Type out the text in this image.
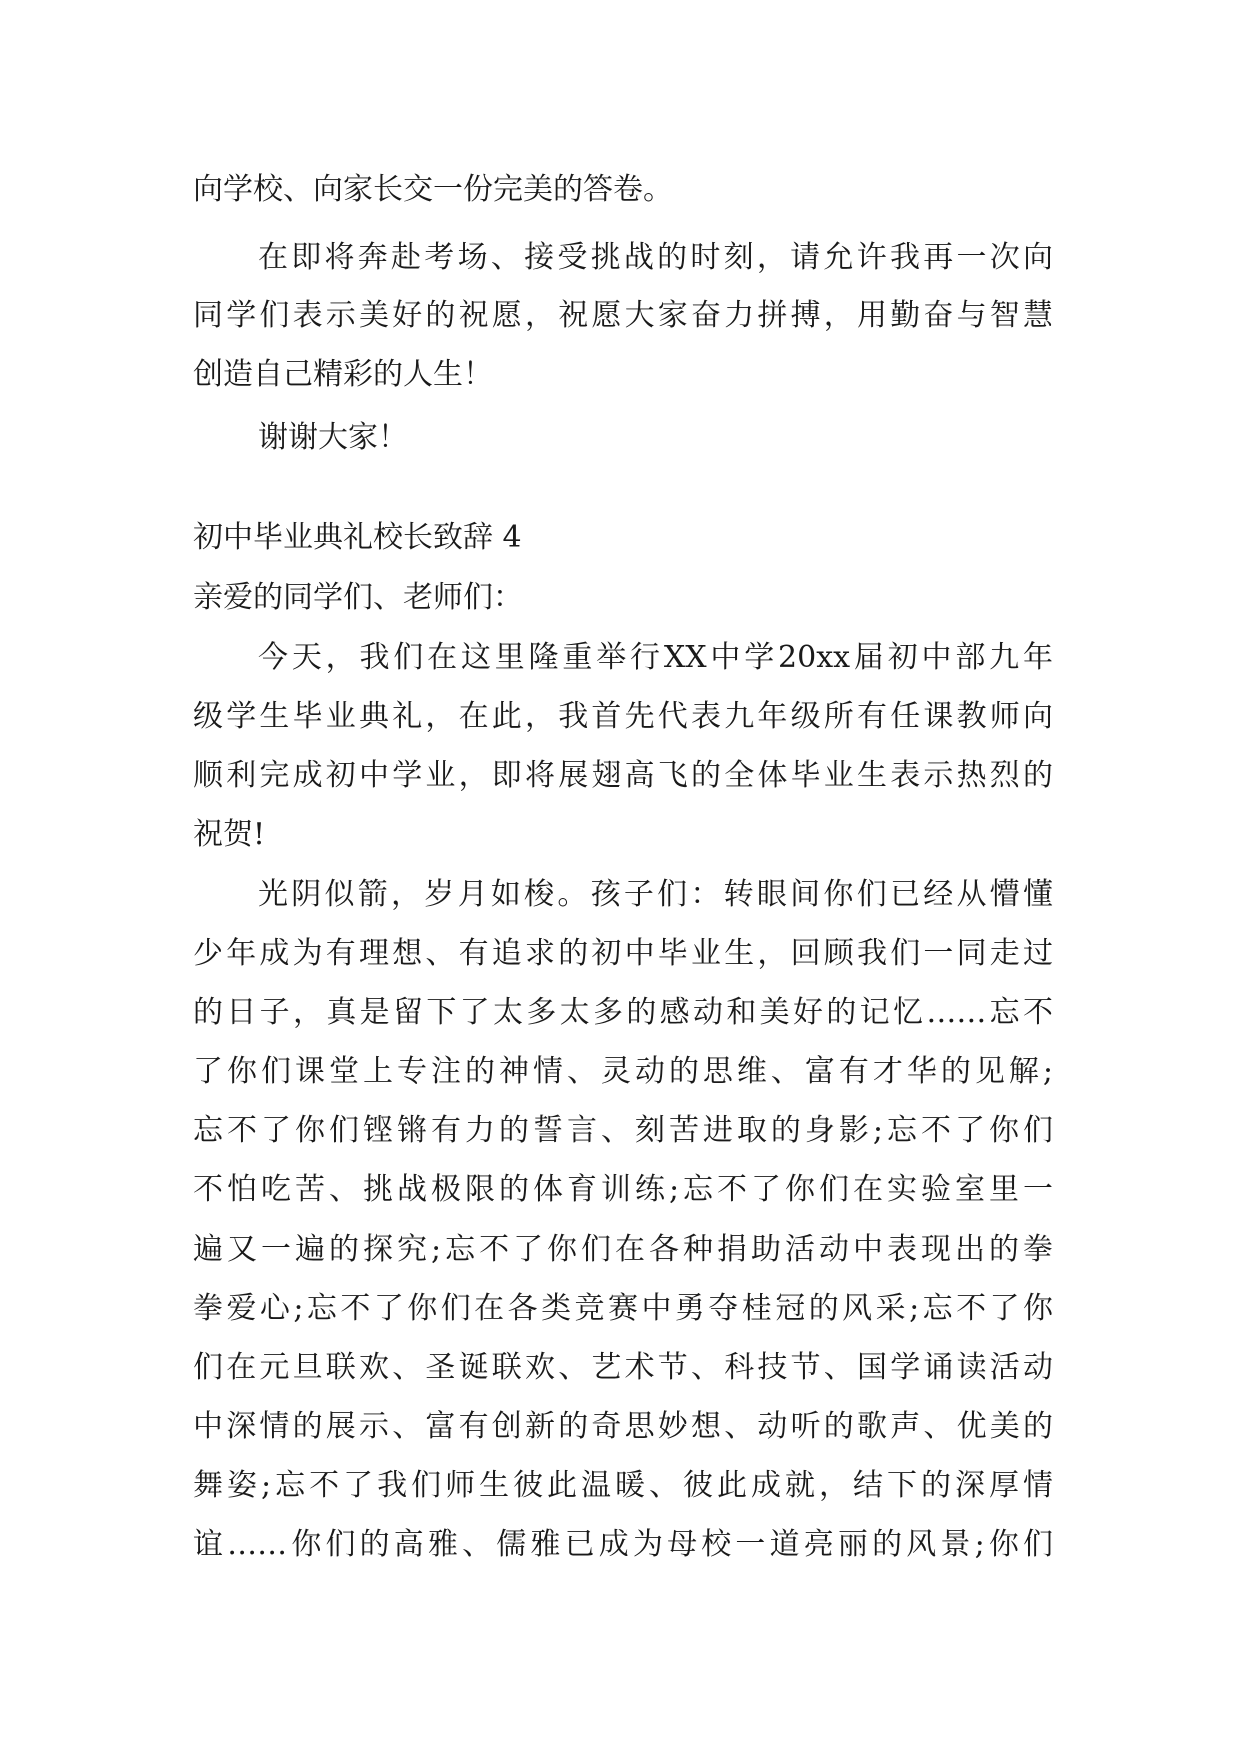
向学校、向家长交一份完美的答卷。
在即将奔赴考场、接受挑战的时刻，请允许我再一次向
同学们表示美好的祝愿，祝愿大家奋力拼搏，用勤奋与智慧
创造自己精彩的人生！
谢谢大家！
初中毕业典礼校长致辞 4
亲爱的同学们、老师们：
今天，我们在这里隆重举行XX中学20xx届初中部九年
级学生毕业典礼，在此，我首先代表九年级所有任课教师向
顺利完成初中学业，即将展翅高飞的全体毕业生表示热烈的
祝贺!
光阴似箭，岁月如梭。孩子们：转眼间你们已经从懵懂
少年成为有理想、有追求的初中毕业生，回顾我们一同走过
的日子，真是留下了太多太多的感动和美好的记忆……忘不
了你们课堂上专注的神情、灵动的思维、富有才华的见解;
忘不了你们铿锵有力的誓言、刻苦进取的身影;忘不了你们
不怕吃苦、挑战极限的体育训练;忘不了你们在实验室里一
遍又一遍的探究;忘不了你们在各种捐助活动中表现出的拳
拳爱心;忘不了你们在各类竞赛中勇夺桂冠的风采;忘不了你
们在元旦联欢、圣诞联欢、艺术节、科技节、国学诵读活动
中深情的展示、富有创新的奇思妙想、动听的歌声、优美的
舞姿;忘不了我们师生彼此温暖、彼此成就，结下的深厚情
谊……你们的高雅、儒雅已成为母校一道亮丽的风景;你们
